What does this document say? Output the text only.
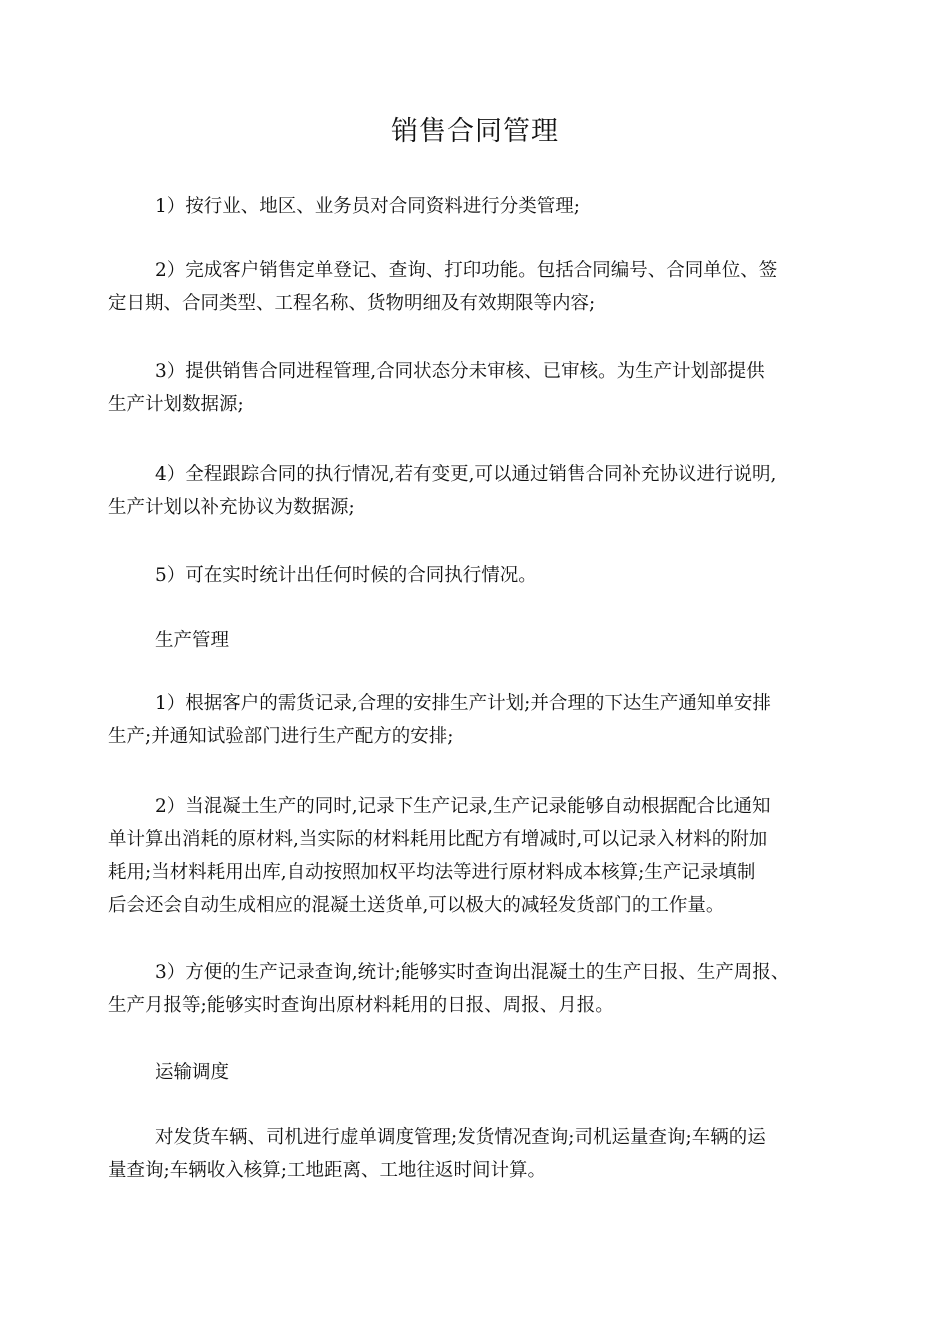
销售合同管理
1）按行业、地区、业务员对合同资料进行分类管理;
2）完成客户销售定单登记、查询、打印功能。包括合同编号、合同单位、签
定日期、合同类型、工程名称、货物明细及有效期限等内容;
3）提供销售合同进程管理,合同状态分未审核、已审核。为生产计划部提供
生产计划数据源;
4）全程跟踪合同的执行情况,若有变更,可以通过销售合同补充协议进行说明,
生产计划以补充协议为数据源;
5）可在实时统计出任何时候的合同执行情况。
生产管理
1）根据客户的需货记录,合理的安排生产计划;并合理的下达生产通知单安排
生产;并通知试验部门进行生产配方的安排;
2）当混凝土生产的同时,记录下生产记录,生产记录能够自动根据配合比通知
单计算出消耗的原材料,当实际的材料耗用比配方有增减时,可以记录入材料的附加
耗用;当材料耗用出库,自动按照加权平均法等进行原材料成本核算;生产记录填制
后会还会自动生成相应的混凝土送货单,可以极大的减轻发货部门的工作量。
3）方便的生产记录查询,统计;能够实时查询出混凝土的生产日报、生产周报、
生产月报等;能够实时查询出原材料耗用的日报、周报、月报。
运输调度
对发货车辆、司机进行虚单调度管理;发货情况查询;司机运量查询;车辆的运
量查询;车辆收入核算;工地距离、工地往返时间计算。
